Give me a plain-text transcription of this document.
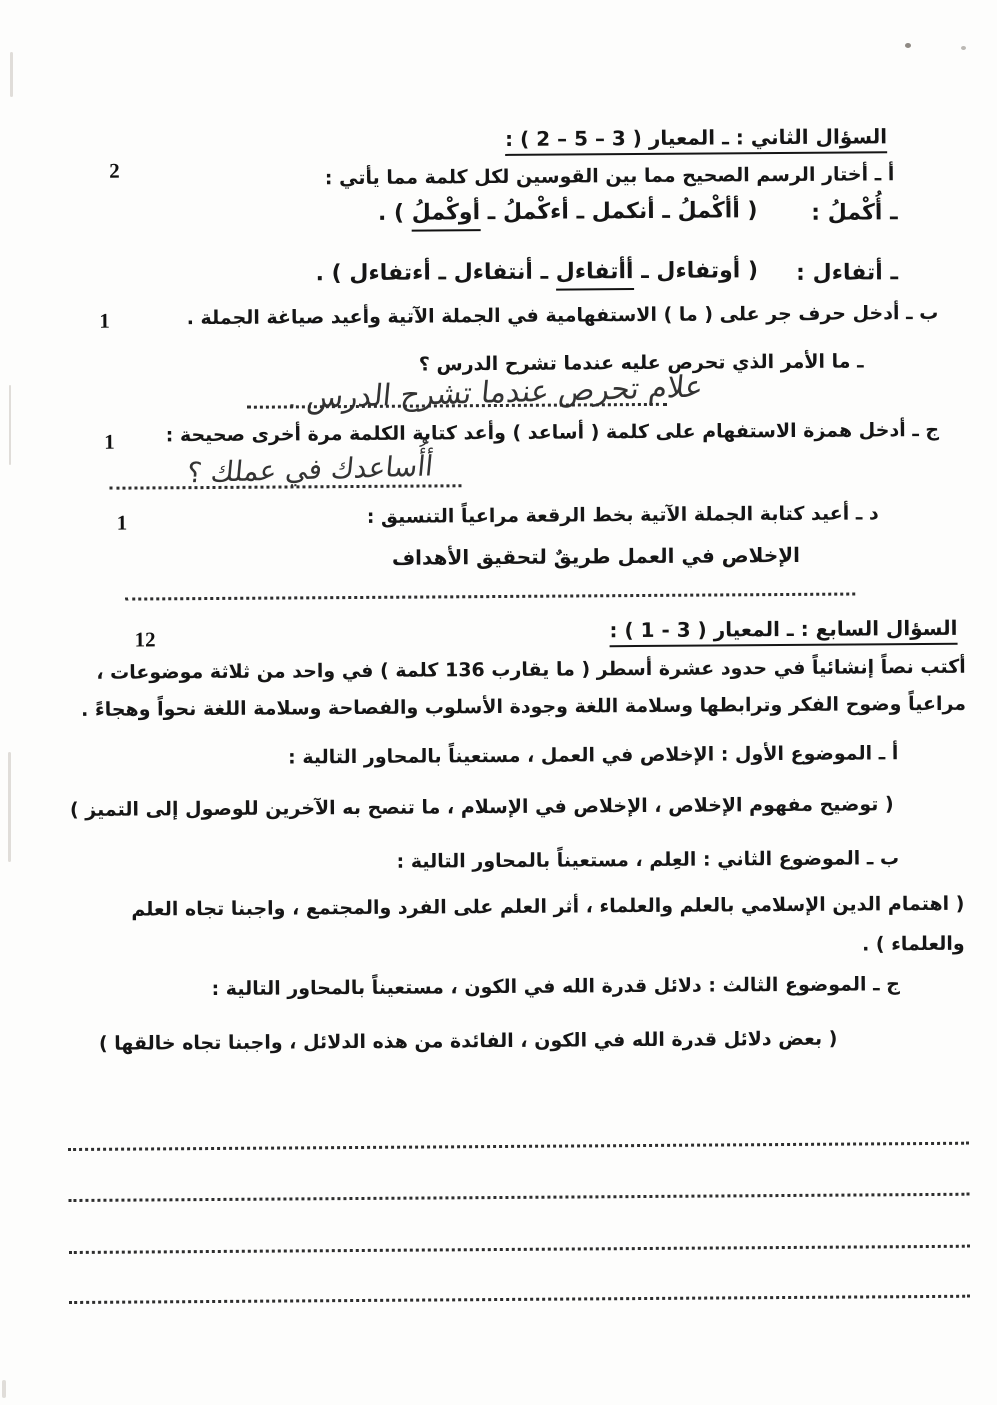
السؤال الثاني : ـ المعيار ( 3 – 5 – 2 ) :
2	أ ـ أختار الرسم الصحيح مما بين القوسين لكل كلمة مما يأتي :
ـ أُكْملُ :
( أأكْملُ ـ أنكمل ـ أءكْملُ ـ أوكْملُ ) .
ـ أتفاءل :
( أوتفاءل ـ أأتفاءل ـ أنتفاءل ـ أءتفاءل ) .
1	ب ـ أدخل حرف جر على ( ما ) الاستفهامية في الجملة الآتية وأعيد صياغة الجملة .
ـ ما الأمر الذي تحرص عليه عندما تشرح الدرس ؟
علام تحرص عندما تشرح الدرس .
1	ج ـ أدخل همزة الاستفهام على كلمة ( أساعد ) وأعد كتابة الكلمة مرة أخرى صحيحة :
أأُساعدك في عملك ؟
1	د ـ أعيد كتابة الجملة الآتية بخط الرقعة مراعياً التنسيق :
الإخلاص في العمل طريقٌ لتحقيق الأهداف
السؤال السابع : ـ المعيار ( 3 - 1 ) :
12
أكتب نصاً إنشائياً في حدود عشرة أسطر ( ما يقارب 136 كلمة ) في واحد من ثلاثة موضوعات ،
مراعياً وضوح الفكر وترابطها وسلامة اللغة وجودة الأسلوب والفصاحة وسلامة اللغة نحواً وهجاءً .
أ ـ الموضوع الأول : الإخلاص في العمل ، مستعيناً بالمحاور التالية :
( توضيح مفهوم الإخلاص ، الإخلاص في الإسلام ، ما تنصح به الآخرين للوصول إلى التميز )
ب ـ الموضوع الثاني : العِلم ، مستعيناً بالمحاور التالية :
( اهتمام الدين الإسلامي بالعلم والعلماء ، أثر العلم على الفرد والمجتمع ، واجبنا تجاه العلم
والعلماء ) .
ج ـ الموضوع الثالث : دلائل قدرة الله في الكون ، مستعيناً بالمحاور التالية :
( بعض دلائل قدرة الله في الكون ، الفائدة من هذه الدلائل ، واجبنا تجاه خالقها )
